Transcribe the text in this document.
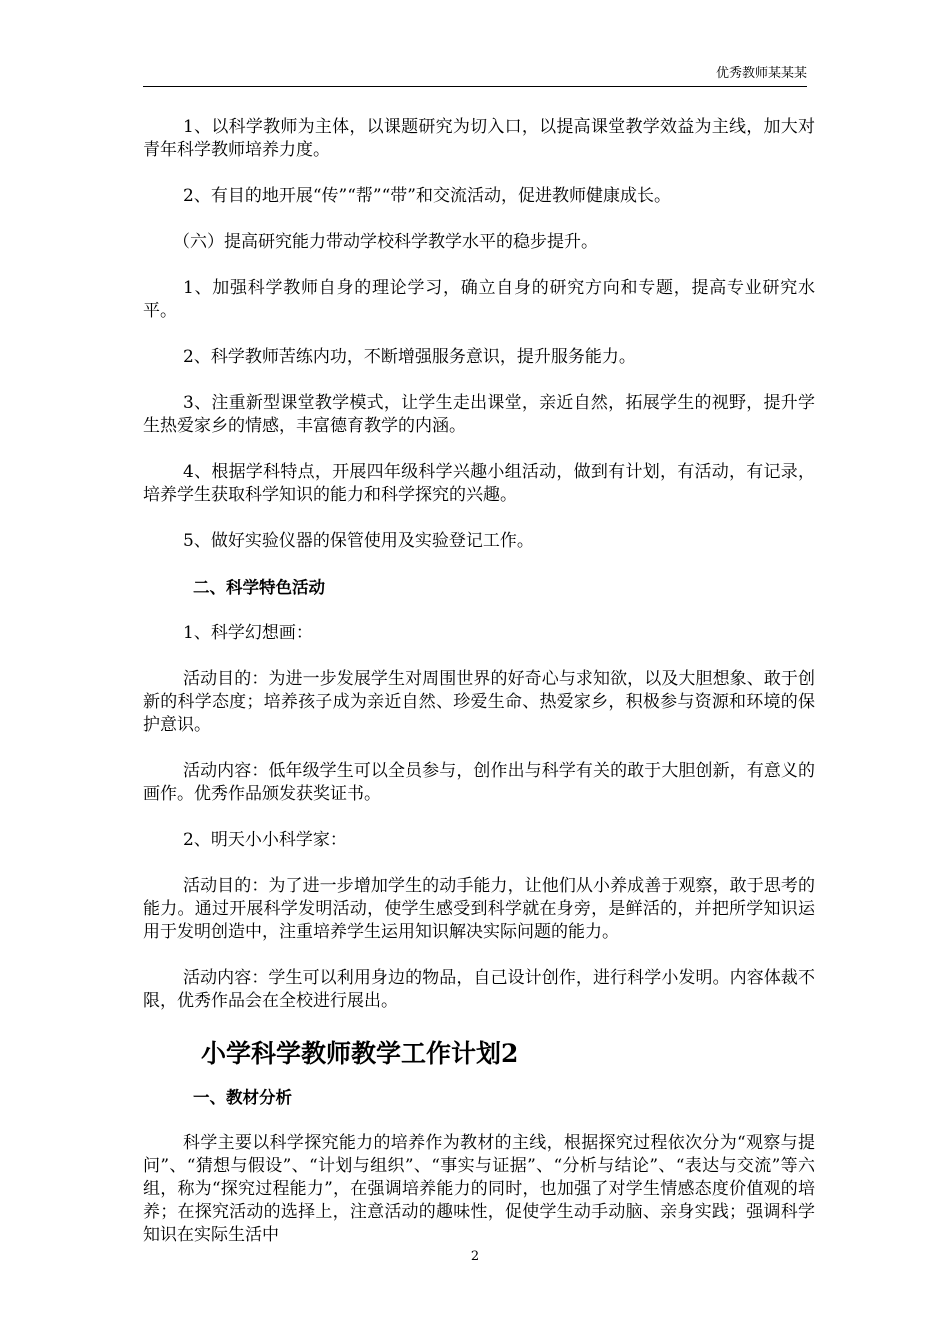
优秀教师某某某

1、以科学教师为主体，以课题研究为切入口，以提高课堂教学效益为主线，加大对青年科学教师培养力度。

2、有目的地开展“传”“帮”“带”和交流活动，促进教师健康成长。

（六）提高研究能力带动学校科学教学水平的稳步提升。

1、加强科学教师自身的理论学习，确立自身的研究方向和专题，提高专业研究水平。

2、科学教师苦练内功，不断增强服务意识，提升服务能力。

3、注重新型课堂教学模式，让学生走出课堂，亲近自然，拓展学生的视野，提升学生热爱家乡的情感，丰富德育教学的内涵。

4、根据学科特点，开展四年级科学兴趣小组活动，做到有计划，有活动，有记录，培养学生获取科学知识的能力和科学探究的兴趣。

5、做好实验仪器的保管使用及实验登记工作。

二、科学特色活动

1、科学幻想画：

活动目的：为进一步发展学生对周围世界的好奇心与求知欲，以及大胆想象、敢于创新的科学态度；培养孩子成为亲近自然、珍爱生命、热爱家乡，积极参与资源和环境的保护意识。

活动内容：低年级学生可以全员参与，创作出与科学有关的敢于大胆创新，有意义的画作。优秀作品颁发获奖证书。

2、明天小小科学家：

活动目的：为了进一步增加学生的动手能力，让他们从小养成善于观察，敢于思考的能力。通过开展科学发明活动，使学生感受到科学就在身旁，是鲜活的，并把所学知识运用于发明创造中，注重培养学生运用知识解决实际问题的能力。

活动内容：学生可以利用身边的物品，自己设计创作，进行科学小发明。内容体裁不限，优秀作品会在全校进行展出。

小学科学教师教学工作计划2

一、教材分析

科学主要以科学探究能力的培养作为教材的主线，根据探究过程依次分为“观察与提问”、“猜想与假设”、“计划与组织”、“事实与证据”、“分析与结论”、“表达与交流”等六组，称为“探究过程能力”，在强调培养能力的同时，也加强了对学生情感态度价值观的培养；在探究活动的选择上，注意活动的趣味性，促使学生动手动脑、亲身实践；强调科学知识在实际生活中

2
